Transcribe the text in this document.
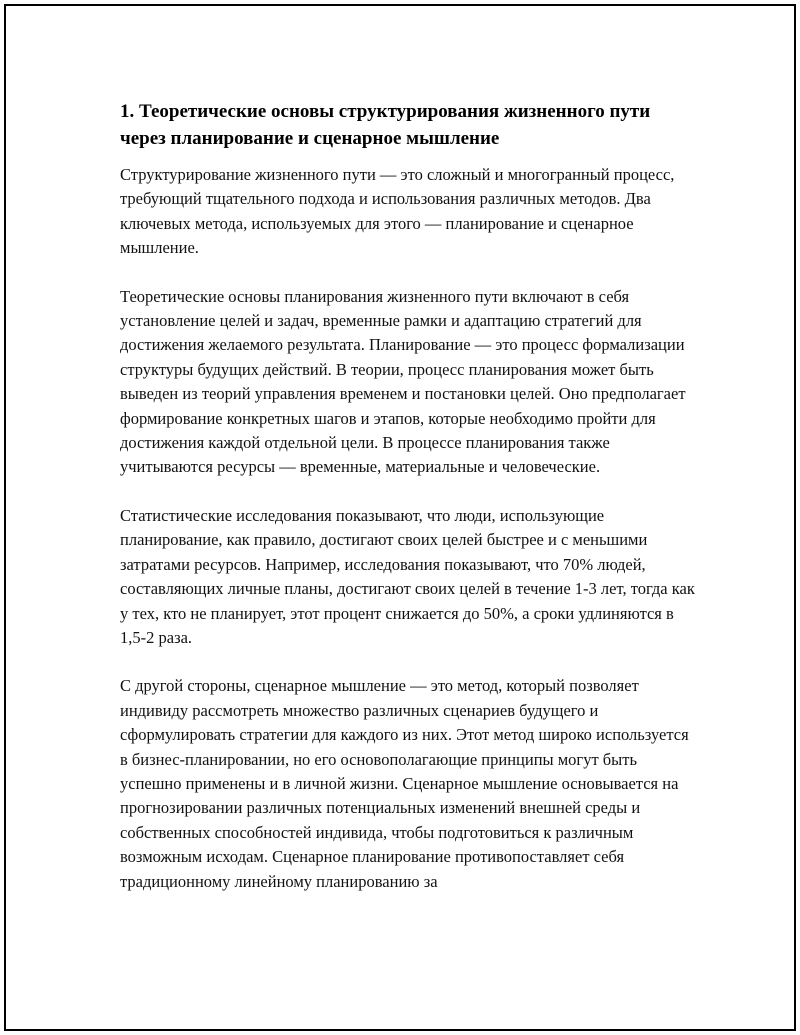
1. Теоретические основы структурирования жизненного пути через планирование и сценарное мышление

Структурирование жизненного пути — это сложный и многогранный процесс, требующий тщательного подхода и использования различных методов. Два ключевых метода, используемых для этого — планирование и сценарное мышление.

Теоретические основы планирования жизненного пути включают в себя установление целей и задач, временные рамки и адаптацию стратегий для достижения желаемого результата. Планирование — это процесс формализации структуры будущих действий. В теории, процесс планирования может быть выведен из теорий управления временем и постановки целей. Оно предполагает формирование конкретных шагов и этапов, которые необходимо пройти для достижения каждой отдельной цели. В процессе планирования также учитываются ресурсы — временные, материальные и человеческие.

Статистические исследования показывают, что люди, использующие планирование, как правило, достигают своих целей быстрее и с меньшими затратами ресурсов. Например, исследования показывают, что 70% людей, составляющих личные планы, достигают своих целей в течение 1-3 лет, тогда как у тех, кто не планирует, этот процент снижается до 50%, а сроки удлиняются в 1,5-2 раза.

С другой стороны, сценарное мышление — это метод, который позволяет индивиду рассмотреть множество различных сценариев будущего и сформулировать стратегии для каждого из них. Этот метод широко используется в бизнес-планировании, но его основополагающие принципы могут быть успешно применены и в личной жизни. Сценарное мышление основывается на прогнозировании различных потенциальных изменений внешней среды и собственных способностей индивида, чтобы подготовиться к различным возможным исходам. Сценарное планирование противопоставляет себя традиционному линейному планированию за
